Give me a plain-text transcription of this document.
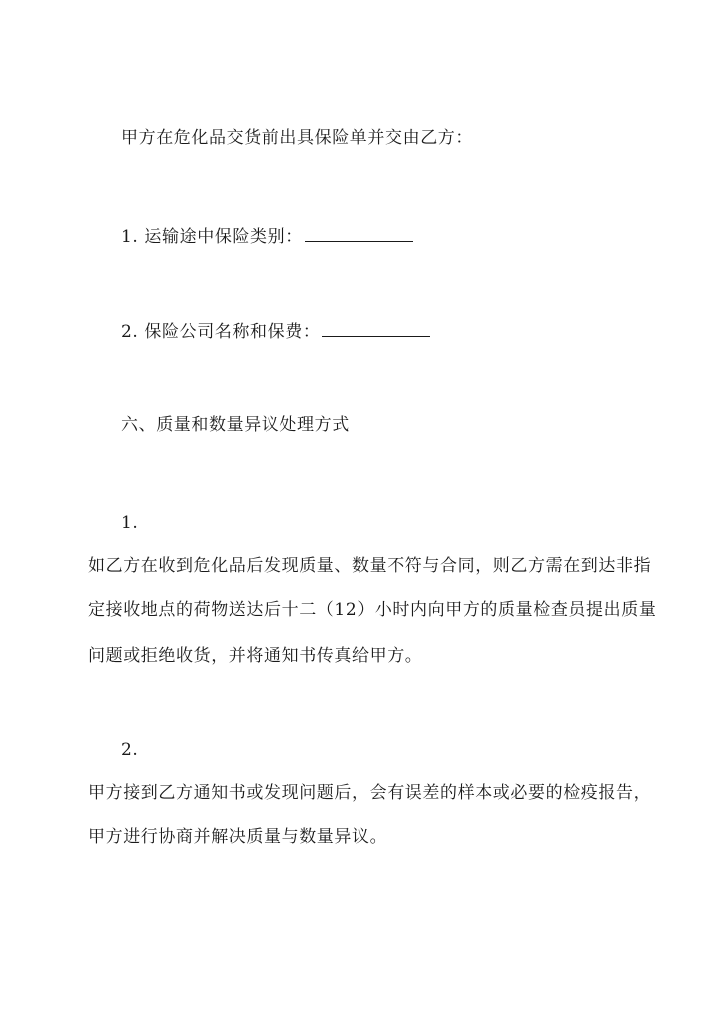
甲方在危化品交货前出具保险单并交由乙方：
1. 运输途中保险类别：
2. 保险公司名称和保费：
六、质量和数量异议处理方式
1.
如乙方在收到危化品后发现质量、数量不符与合同，则乙方需在到达非指
定接收地点的荷物送达后十二（12）小时内向甲方的质量检查员提出质量
问题或拒绝收货，并将通知书传真给甲方。
2.
甲方接到乙方通知书或发现问题后，会有误差的样本或必要的检疫报告，
甲方进行协商并解决质量与数量异议。
